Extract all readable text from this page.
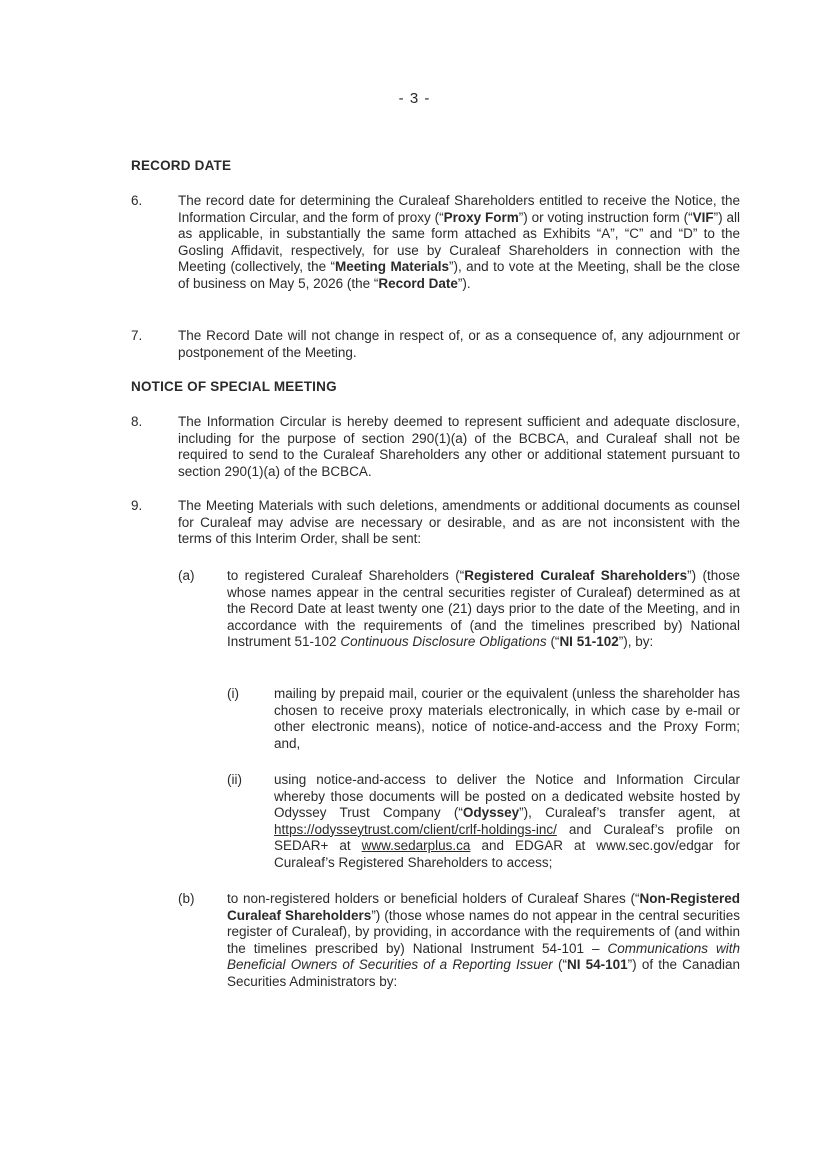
- 3 -
RECORD DATE
6.	The record date for determining the Curaleaf Shareholders entitled to receive the Notice, the Information Circular, and the form of proxy (“Proxy Form”) or voting instruction form (“VIF”) all as applicable, in substantially the same form attached as Exhibits “A”, “C” and “D” to the Gosling Affidavit, respectively, for use by Curaleaf Shareholders in connection with the Meeting (collectively, the “Meeting Materials”), and to vote at the Meeting, shall be the close of business on May 5, 2026 (the “Record Date”).
7.	The Record Date will not change in respect of, or as a consequence of, any adjournment or postponement of the Meeting.
NOTICE OF SPECIAL MEETING
8.	The Information Circular is hereby deemed to represent sufficient and adequate disclosure, including for the purpose of section 290(1)(a) of the BCBCA, and Curaleaf shall not be required to send to the Curaleaf Shareholders any other or additional statement pursuant to section 290(1)(a) of the BCBCA.
9.	The Meeting Materials with such deletions, amendments or additional documents as counsel for Curaleaf may advise are necessary or desirable, and as are not inconsistent with the terms of this Interim Order, shall be sent:
(a) to registered Curaleaf Shareholders (“Registered Curaleaf Shareholders”) (those whose names appear in the central securities register of Curaleaf) determined as at the Record Date at least twenty one (21) days prior to the date of the Meeting, and in accordance with the requirements of (and the timelines prescribed by) National Instrument 51-102 Continuous Disclosure Obligations (“NI 51-102”), by:
(i)	mailing by prepaid mail, courier or the equivalent (unless the shareholder has chosen to receive proxy materials electronically, in which case by e-mail or other electronic means), notice of notice-and-access and the Proxy Form; and,
(ii) using notice-and-access to deliver the Notice and Information Circular whereby those documents will be posted on a dedicated website hosted by Odyssey Trust Company (“Odyssey”), Curaleaf’s transfer agent, at https://odysseytrust.com/client/crlf-holdings-inc/ and Curaleaf’s profile on SEDAR+ at www.sedarplus.ca and EDGAR at www.sec.gov/edgar for Curaleaf’s Registered Shareholders to access;
(b) to non-registered holders or beneficial holders of Curaleaf Shares (“Non-Registered Curaleaf Shareholders”) (those whose names do not appear in the central securities register of Curaleaf), by providing, in accordance with the requirements of (and within the timelines prescribed by) National Instrument 54-101 – Communications with Beneficial Owners of Securities of a Reporting Issuer (“NI 54-101”) of the Canadian Securities Administrators by:
